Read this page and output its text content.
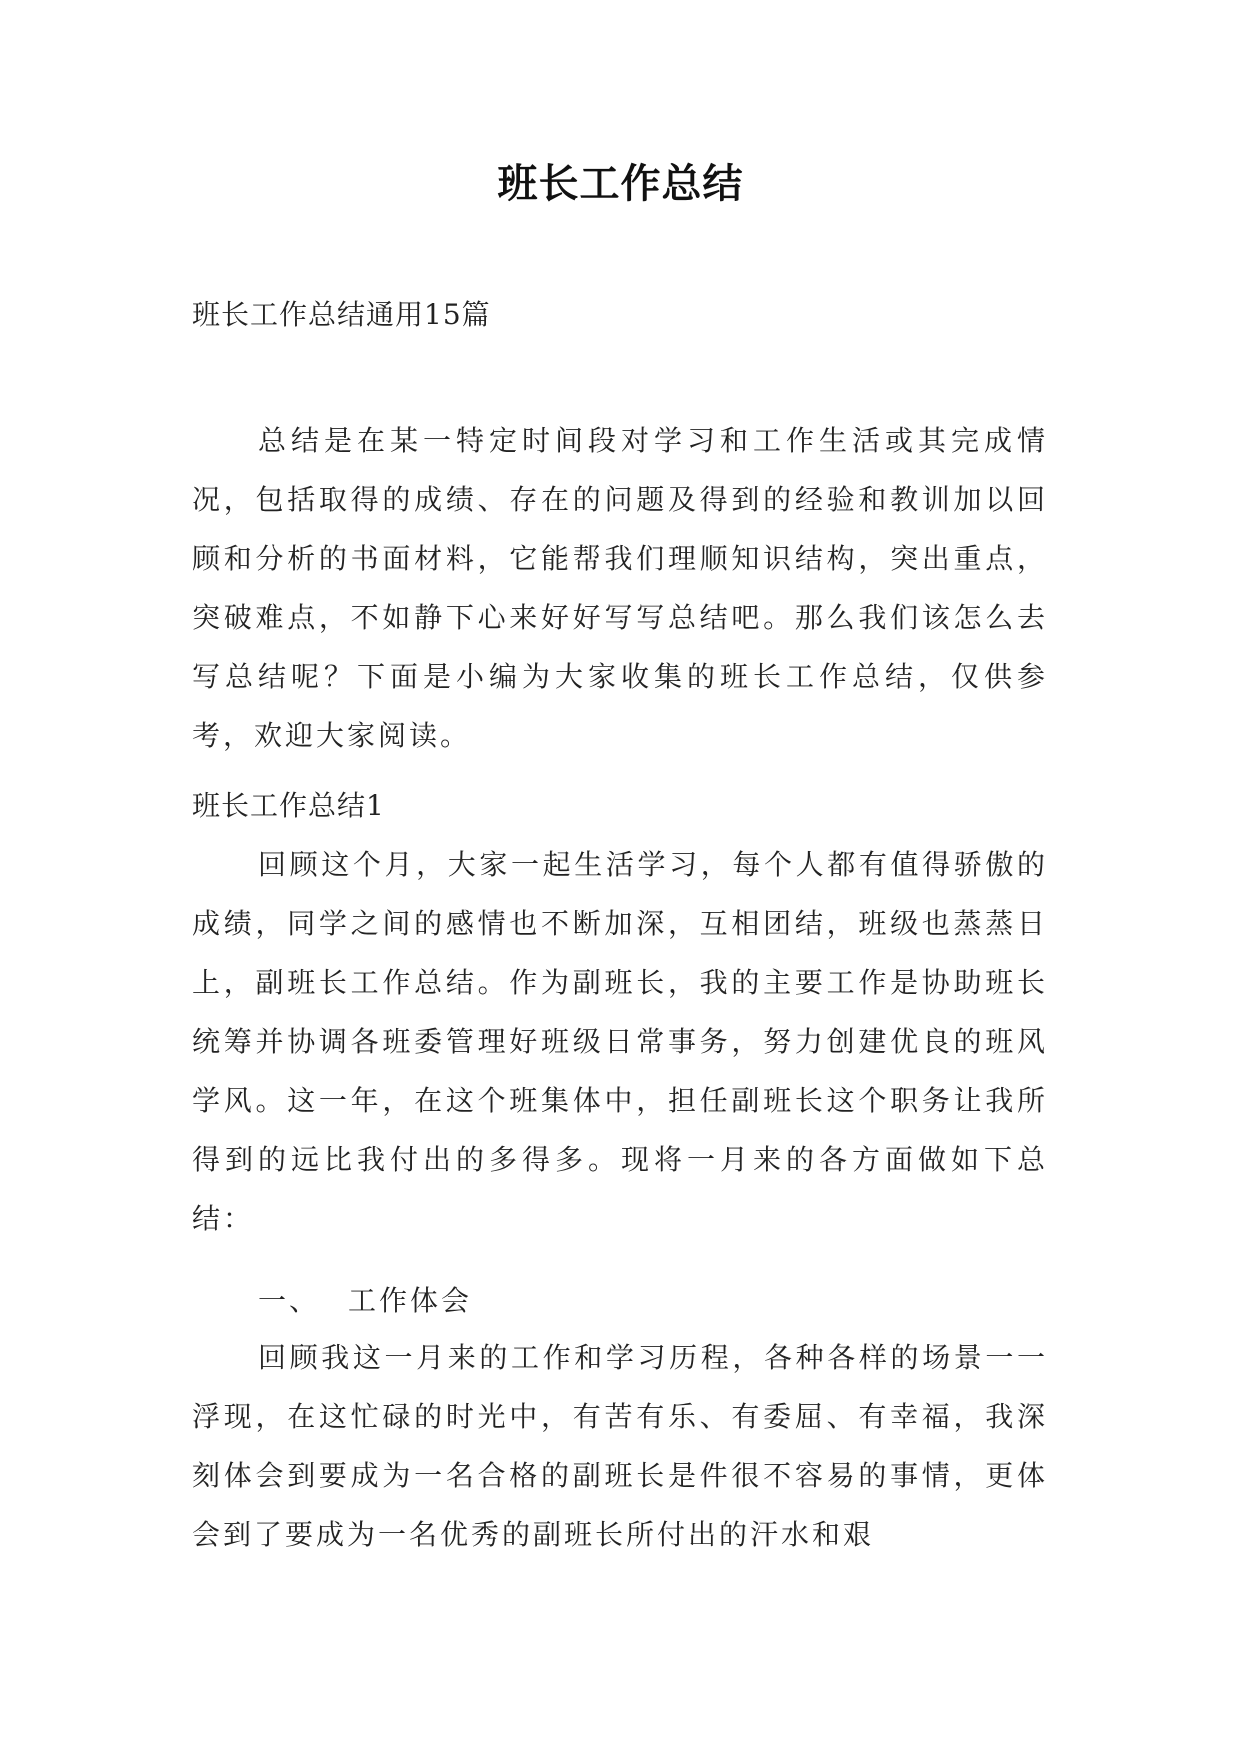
班长工作总结

班长工作总结通用15篇

总结是在某一特定时间段对学习和工作生活或其完成情况，包括取得的成绩、存在的问题及得到的经验和教训加以回顾和分析的书面材料，它能帮我们理顺知识结构，突出重点，突破难点，不如静下心来好好写写总结吧。那么我们该怎么去写总结呢？下面是小编为大家收集的班长工作总结，仅供参考，欢迎大家阅读。

班长工作总结1

回顾这个月，大家一起生活学习，每个人都有值得骄傲的成绩，同学之间的感情也不断加深，互相团结，班级也蒸蒸日上，副班长工作总结。作为副班长，我的主要工作是协助班长统筹并协调各班委管理好班级日常事务，努力创建优良的班风学风。这一年，在这个班集体中，担任副班长这个职务让我所得到的远比我付出的多得多。现将一月来的各方面做如下总结：

一、 工作体会

回顾我这一月来的工作和学习历程，各种各样的场景一一浮现，在这忙碌的时光中，有苦有乐、有委屈、有幸福，我深刻体会到要成为一名合格的副班长是件很不容易的事情，更体会到了要成为一名优秀的副班长所付出的汗水和艰
